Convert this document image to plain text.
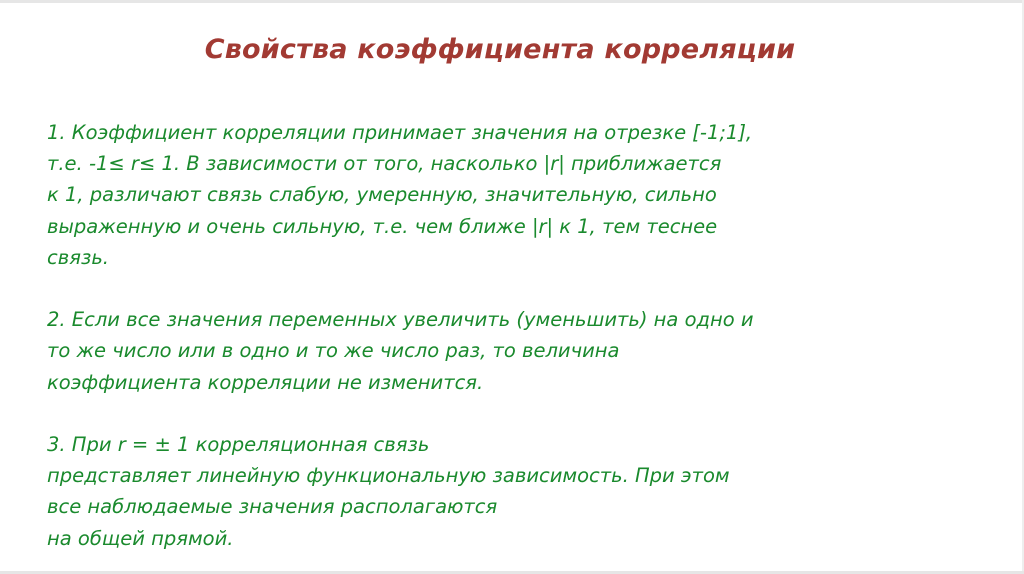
Свойства коэффициента корреляции
1. Коэффициент корреляции принимает значения на отрезке [-1;1],
т.е. -1≤ r≤ 1. В зависимости от того, насколько |r| приближается
к 1, различают связь слабую, умеренную, значительную, сильно
выраженную и очень сильную, т.е. чем ближе |r| к 1, тем теснее
связь.
2. Если все значения переменных увеличить (уменьшить) на одно и
то же число или в одно и то же число раз, то величина
коэффициента корреляции не изменится.
3. При r = ± 1 корреляционная связь
представляет линейную функциональную зависимость. При этом
все наблюдаемые значения располагаются
на общей прямой.
